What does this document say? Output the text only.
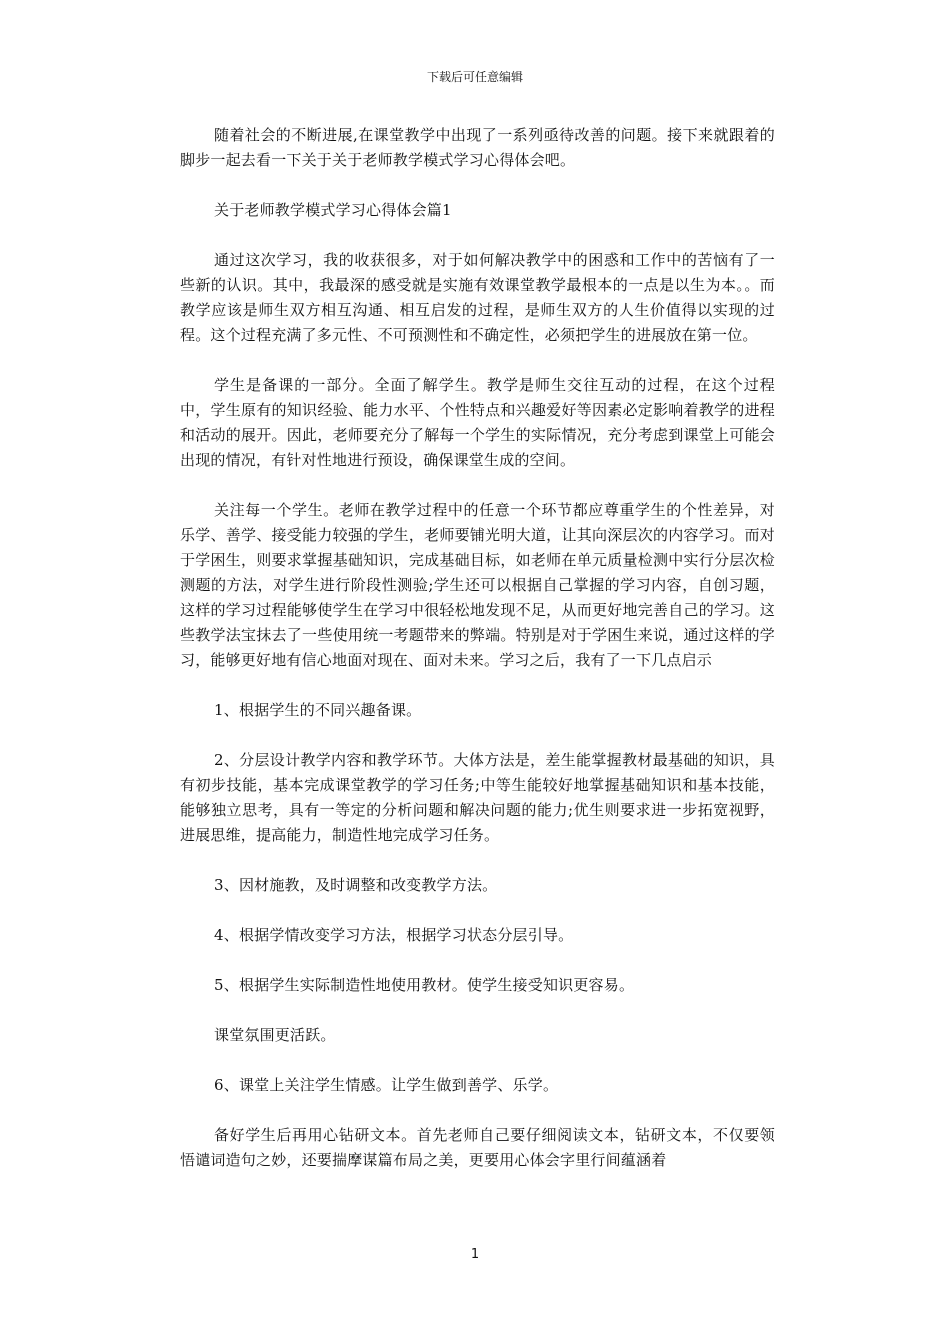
下载后可任意编辑

随着社会的不断进展,在课堂教学中出现了一系列亟待改善的问题。接下来就跟着的脚步一起去看一下关于关于老师教学模式学习心得体会吧。

关于老师教学模式学习心得体会篇1

通过这次学习，我的收获很多，对于如何解决教学中的困惑和工作中的苦恼有了一些新的认识。其中，我最深的感受就是实施有效课堂教学最根本的一点是以生为本。。而教学应该是师生双方相互沟通、相互启发的过程，是师生双方的人生价值得以实现的过程。这个过程充满了多元性、不可预测性和不确定性，必须把学生的进展放在第一位。

学生是备课的一部分。全面了解学生。教学是师生交往互动的过程，在这个过程中，学生原有的知识经验、能力水平、个性特点和兴趣爱好等因素必定影响着教学的进程和活动的展开。因此，老师要充分了解每一个学生的实际情况，充分考虑到课堂上可能会出现的情况，有针对性地进行预设，确保课堂生成的空间。

关注每一个学生。老师在教学过程中的任意一个环节都应尊重学生的个性差异，对乐学、善学、接受能力较强的学生，老师要铺光明大道，让其向深层次的内容学习。而对于学困生，则要求掌握基础知识，完成基础目标，如老师在单元质量检测中实行分层次检测题的方法，对学生进行阶段性测验;学生还可以根据自己掌握的学习内容，自创习题，这样的学习过程能够使学生在学习中很轻松地发现不足，从而更好地完善自己的学习。这些教学法宝抹去了一些使用统一考题带来的弊端。特别是对于学困生来说，通过这样的学习，能够更好地有信心地面对现在、面对未来。学习之后，我有了一下几点启示

1、根据学生的不同兴趣备课。

2、分层设计教学内容和教学环节。大体方法是，差生能掌握教材最基础的知识，具有初步技能，基本完成课堂教学的学习任务;中等生能较好地掌握基础知识和基本技能，能够独立思考，具有一等定的分析问题和解决问题的能力;优生则要求进一步拓宽视野，进展思维，提高能力，制造性地完成学习任务。

3、因材施教，及时调整和改变教学方法。

4、根据学情改变学习方法，根据学习状态分层引导。

5、根据学生实际制造性地使用教材。使学生接受知识更容易。

课堂氛围更活跃。

6、课堂上关注学生情感。让学生做到善学、乐学。

备好学生后再用心钻研文本。首先老师自己要仔细阅读文本，钻研文本，不仅要领悟谴词造句之妙，还要揣摩谋篇布局之美，更要用心体会字里行间蕴涵着

1
